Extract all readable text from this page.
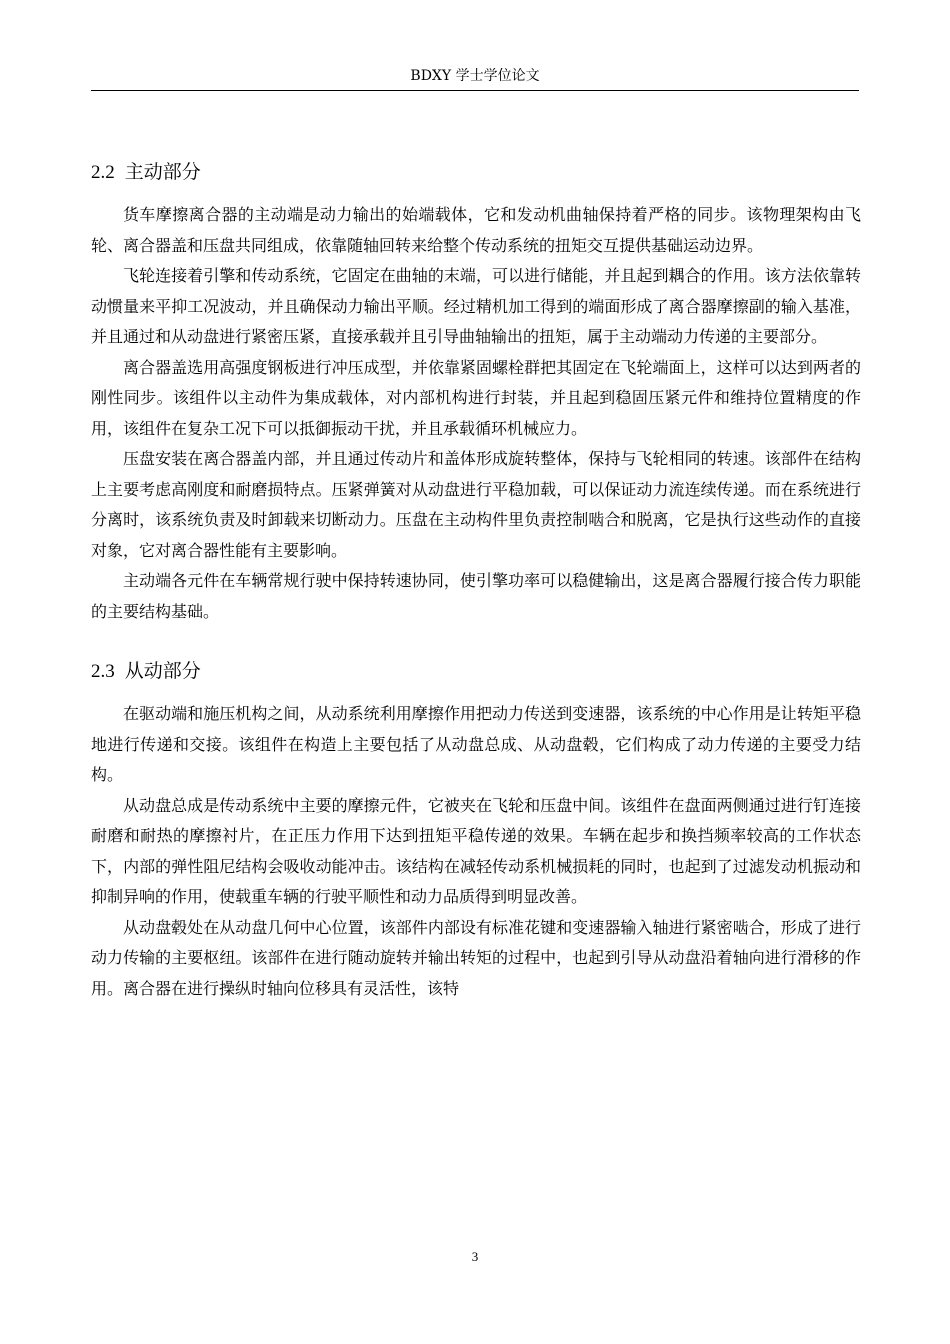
BDXY 学士学位论文
2.2 主动部分

货车摩擦离合器的主动端是动力输出的始端载体，它和发动机曲轴保持着严格的同步。该物理架构由飞轮、离合器盖和压盘共同组成，依靠随轴回转来给整个传动系统的扭矩交互提供基础运动边界。

飞轮连接着引擎和传动系统，它固定在曲轴的末端，可以进行储能，并且起到耦合的作用。该方法依靠转动惯量来平抑工况波动，并且确保动力输出平顺。经过精机加工得到的端面形成了离合器摩擦副的输入基准，并且通过和从动盘进行紧密压紧，直接承载并且引导曲轴输出的扭矩，属于主动端动力传递的主要部分。

离合器盖选用高强度钢板进行冲压成型，并依靠紧固螺栓群把其固定在飞轮端面上，这样可以达到两者的刚性同步。该组件以主动件为集成载体，对内部机构进行封装，并且起到稳固压紧元件和维持位置精度的作用，该组件在复杂工况下可以抵御振动干扰，并且承载循环机械应力。

压盘安装在离合器盖内部，并且通过传动片和盖体形成旋转整体，保持与飞轮相同的转速。该部件在结构上主要考虑高刚度和耐磨损特点。压紧弹簧对从动盘进行平稳加载，可以保证动力流连续传递。而在系统进行分离时，该系统负责及时卸载来切断动力。压盘在主动构件里负责控制啮合和脱离，它是执行这些动作的直接对象，它对离合器性能有主要影响。

主动端各元件在车辆常规行驶中保持转速协同，使引擎功率可以稳健输出，这是离合器履行接合传力职能的主要结构基础。

2.3 从动部分

在驱动端和施压机构之间，从动系统利用摩擦作用把动力传送到变速器，该系统的中心作用是让转矩平稳地进行传递和交接。该组件在构造上主要包括了从动盘总成、从动盘毂，它们构成了动力传递的主要受力结构。

从动盘总成是传动系统中主要的摩擦元件，它被夹在飞轮和压盘中间。该组件在盘面两侧通过进行钉连接耐磨和耐热的摩擦衬片，在正压力作用下达到扭矩平稳传递的效果。车辆在起步和换挡频率较高的工作状态下，内部的弹性阻尼结构会吸收动能冲击。该结构在减轻传动系机械损耗的同时，也起到了过滤发动机振动和抑制异响的作用，使载重车辆的行驶平顺性和动力品质得到明显改善。

从动盘毂处在从动盘几何中心位置，该部件内部设有标准花键和变速器输入轴进行紧密啮合，形成了进行动力传输的主要枢纽。该部件在进行随动旋转并输出转矩的过程中，也起到引导从动盘沿着轴向进行滑移的作用。离合器在进行操纵时轴向位移具有灵活性，该特

3
